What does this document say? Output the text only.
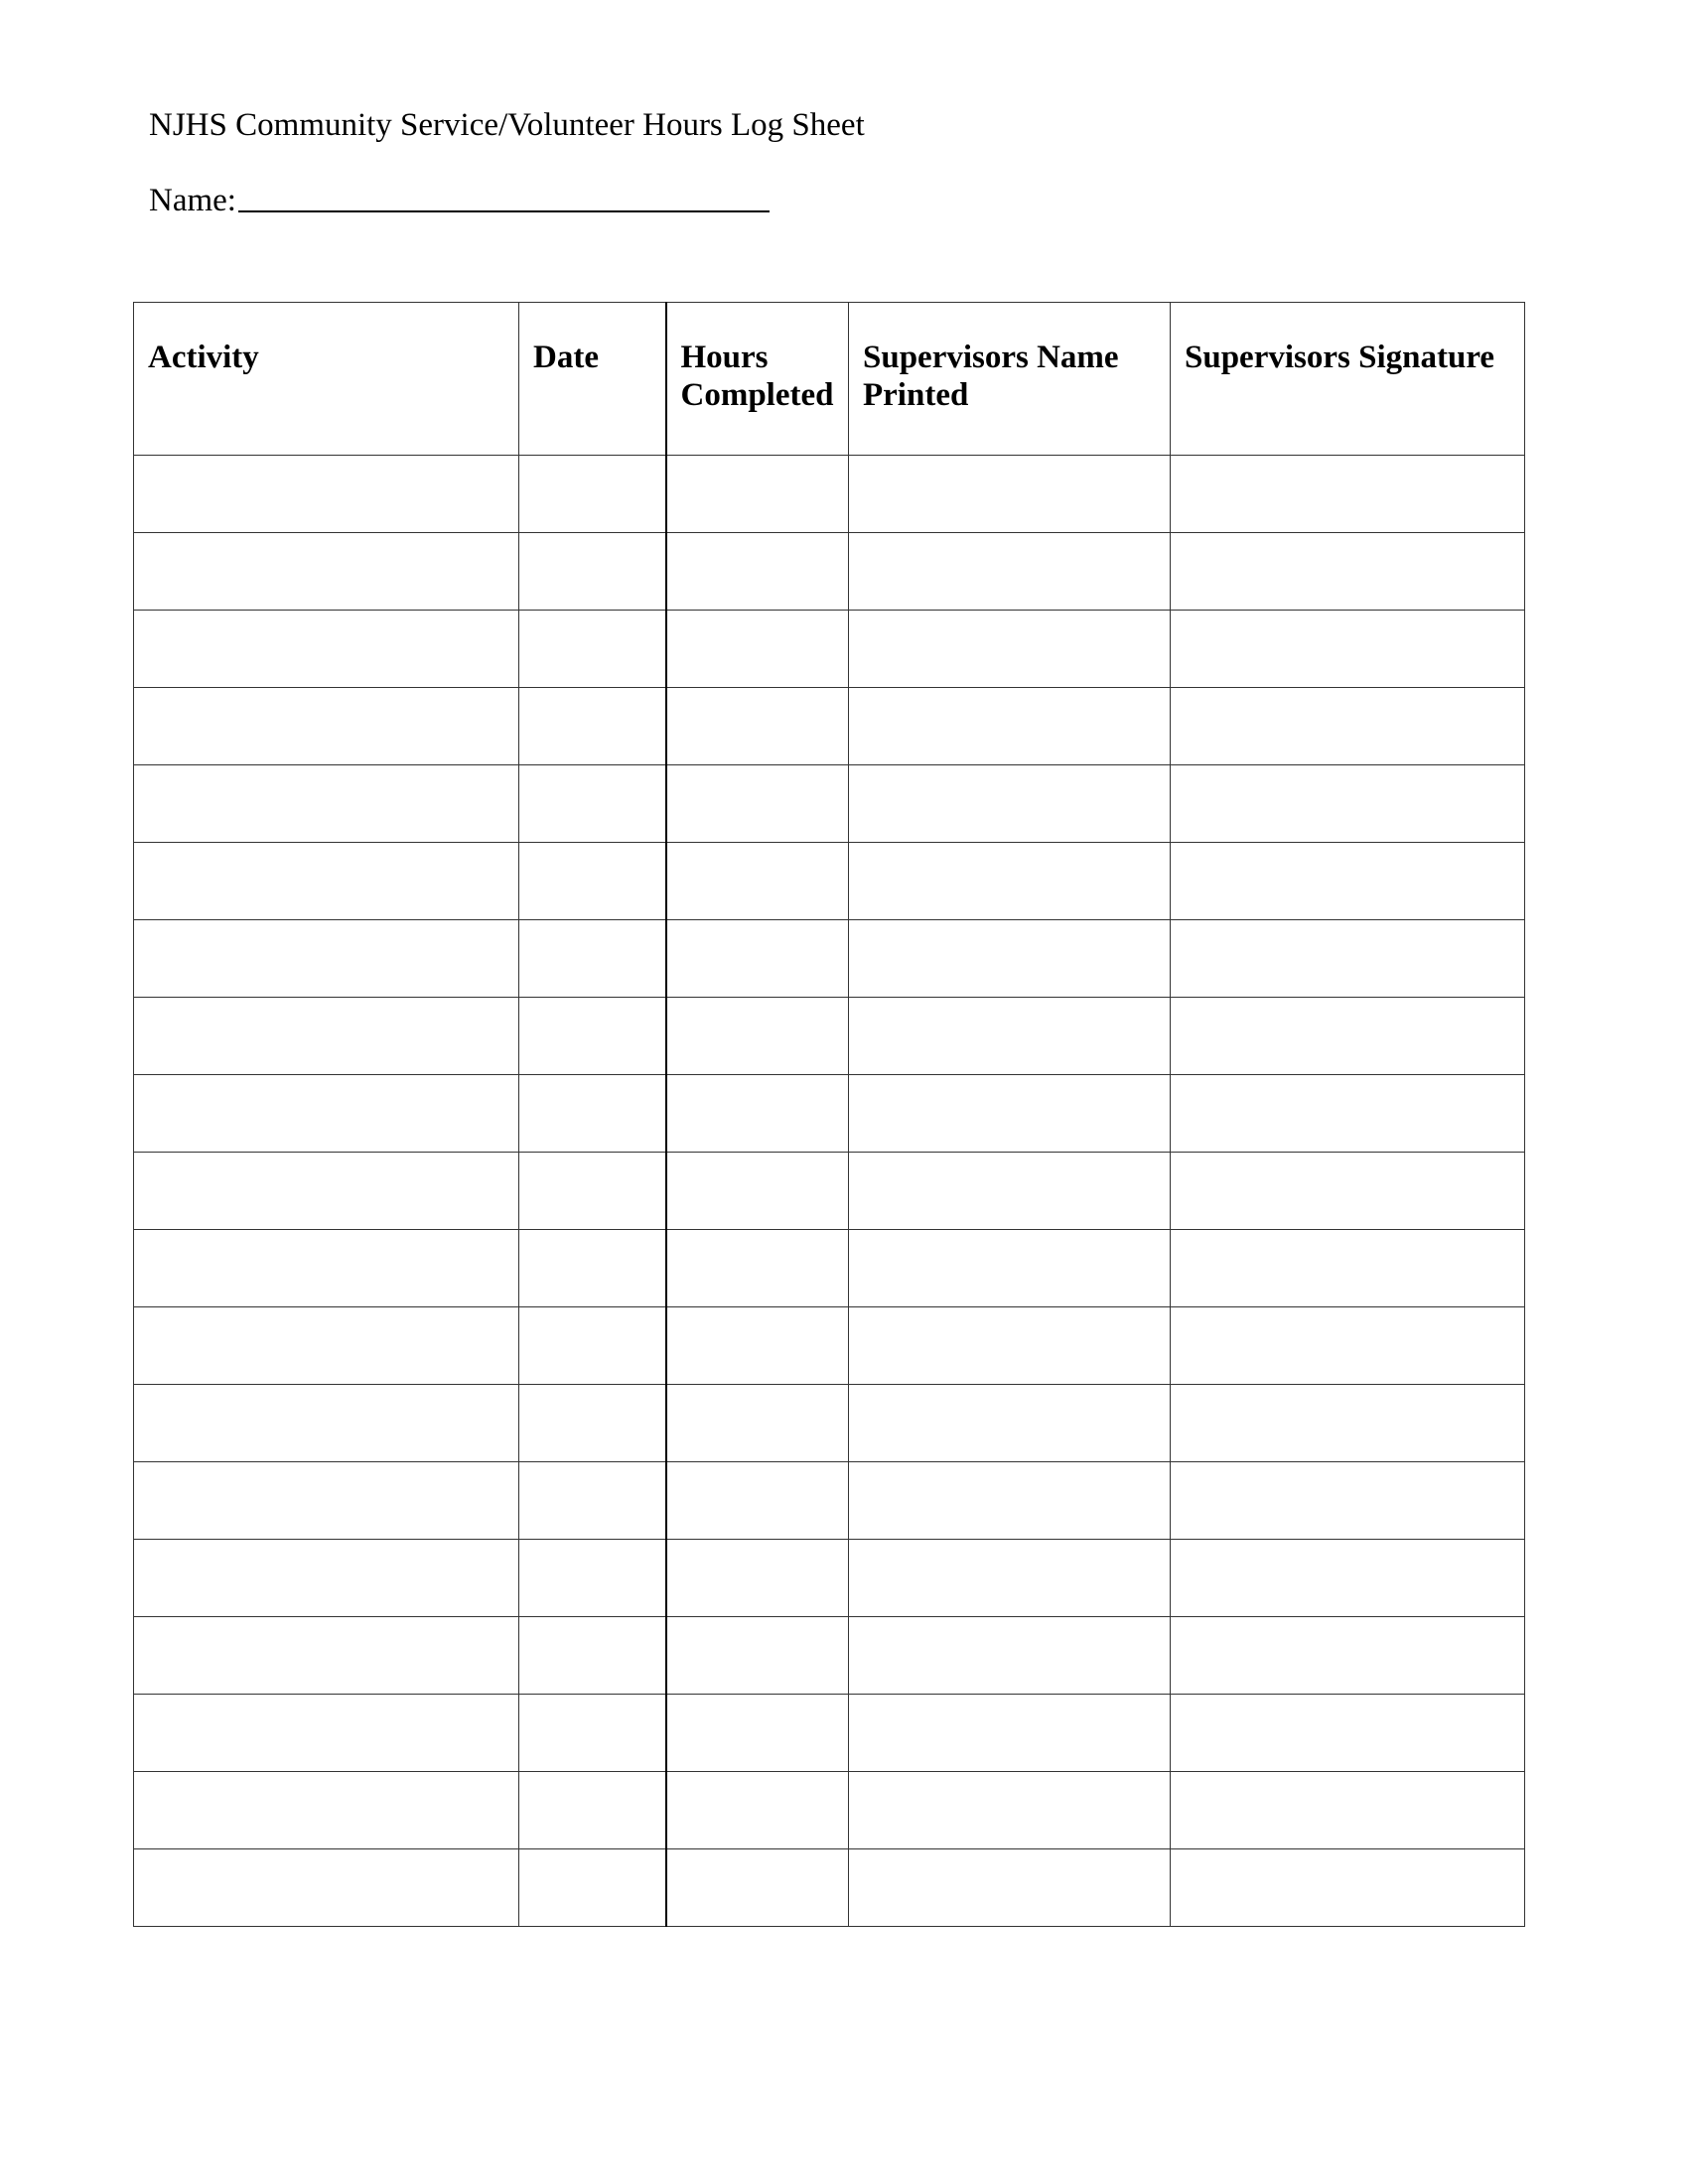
NJHS Community Service/Volunteer Hours Log Sheet
Name:
Activity	Date	Hours Completed	Supervisors Name Printed	Supervisors Signature
